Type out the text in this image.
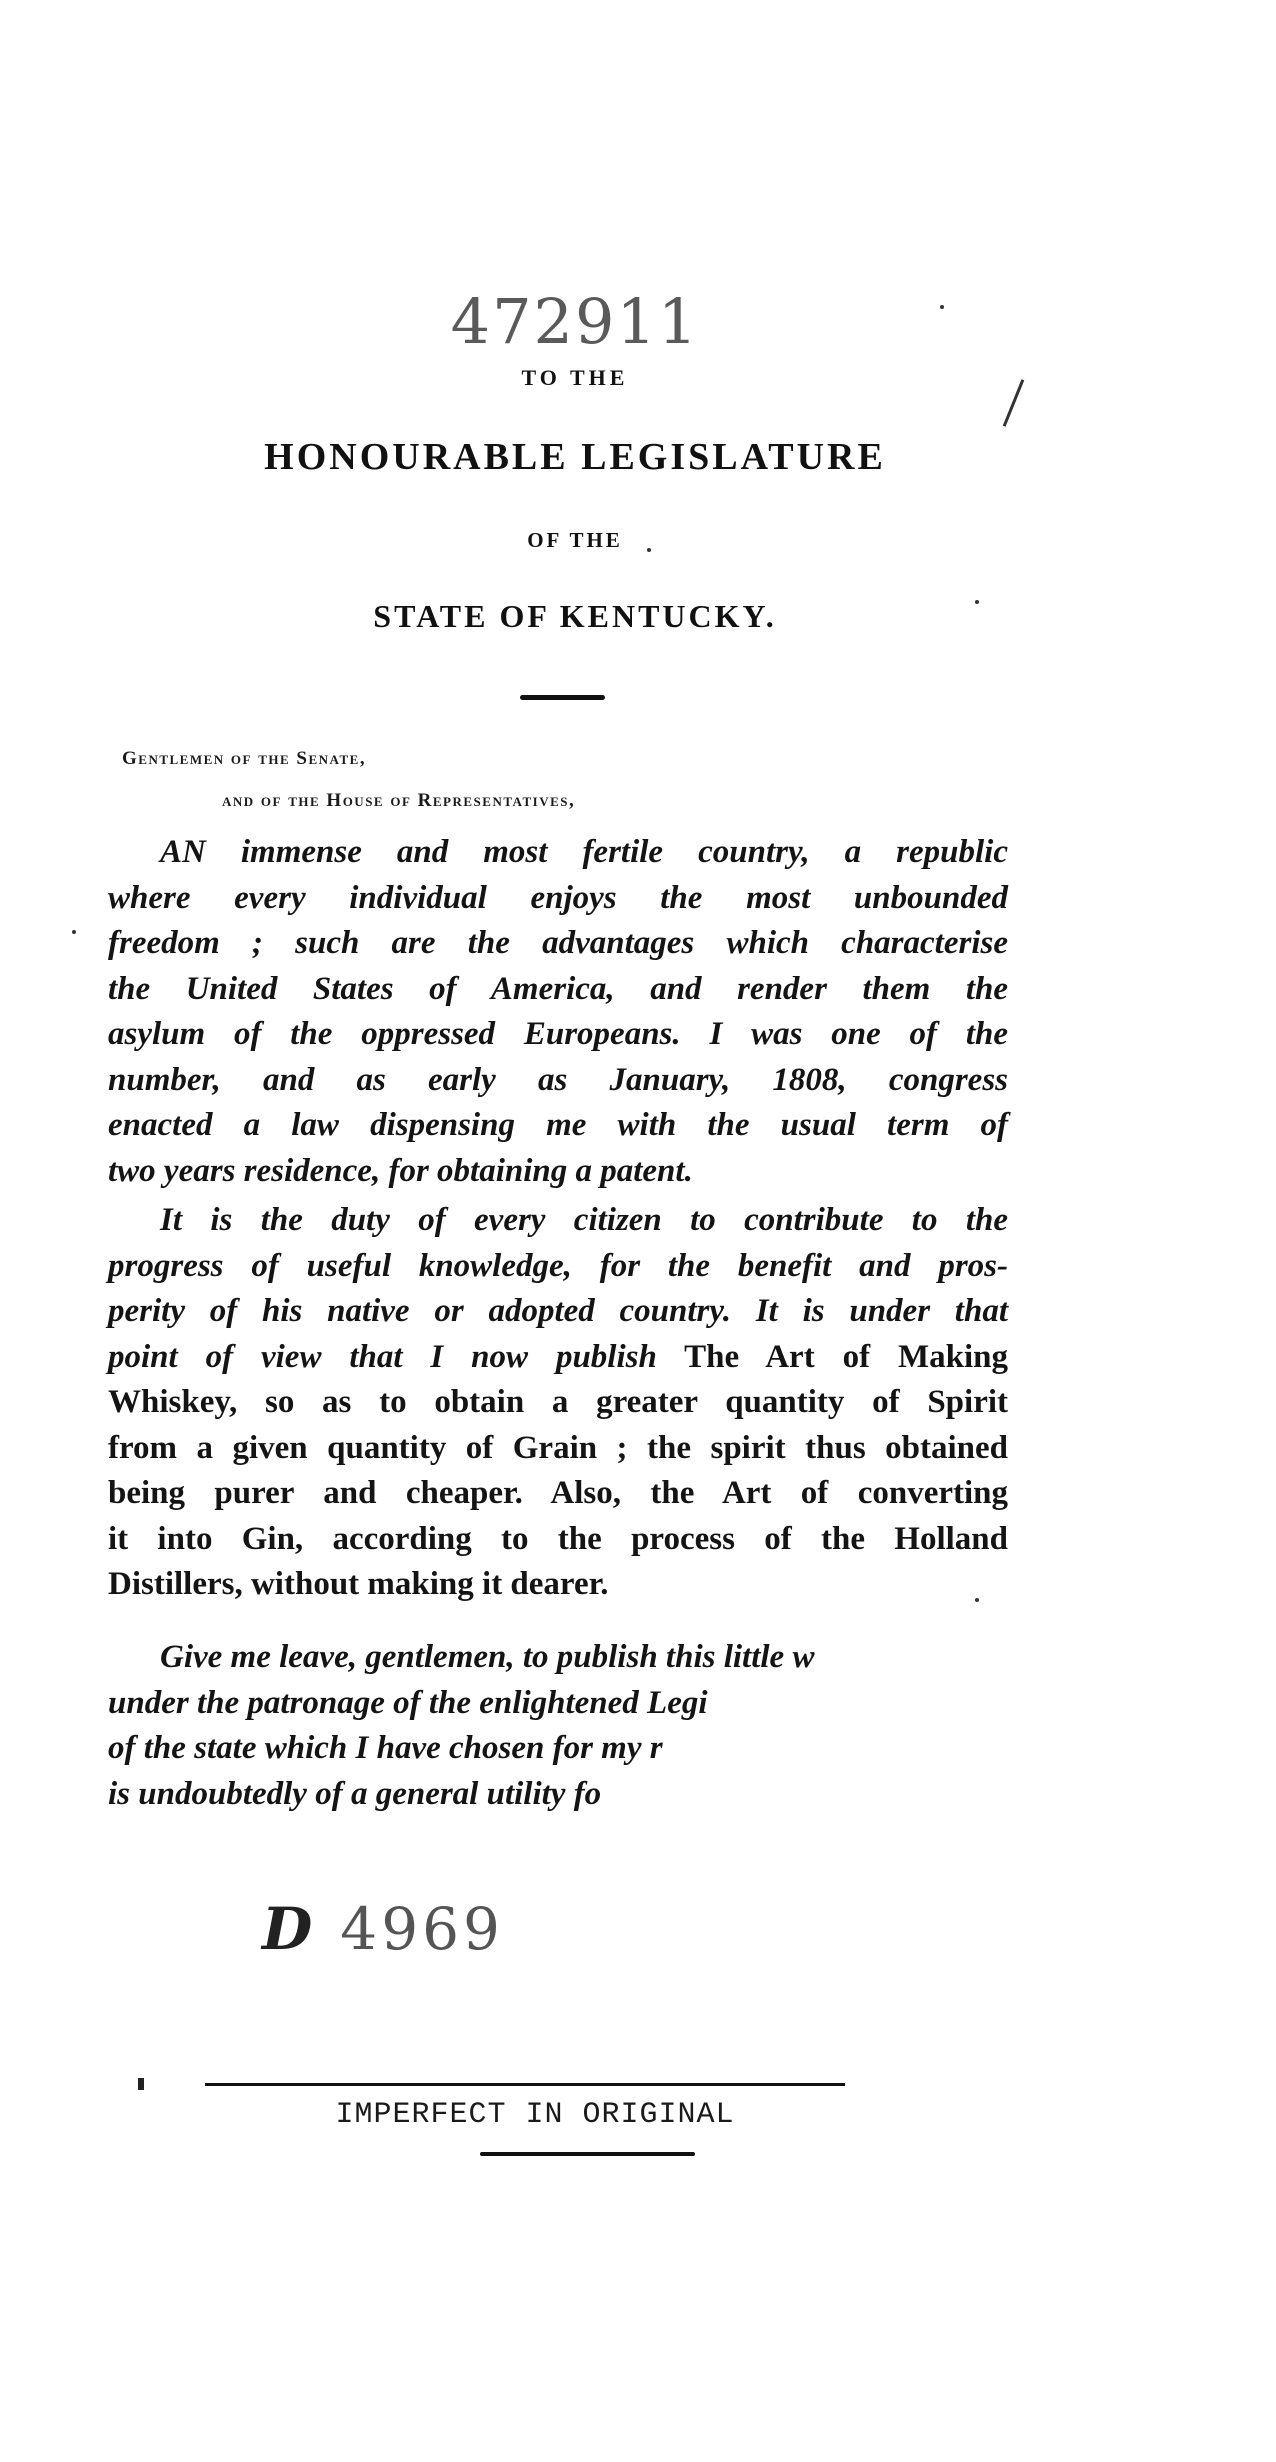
472911
TO THE
HONOURABLE LEGISLATURE
OF THE
STATE OF KENTUCKY.
Gentlemen of the Senate,
and of the House of Representatives,
AN immense and most fertile country, a republic
where every individual enjoys the most unbounded
freedom ; such are the advantages which characterise
the United States of America, and render them the
asylum of the oppressed Europeans. I was one of the
number, and as early as January, 1808, congress
enacted a law dispensing me with the usual term of
two years residence, for obtaining a patent.
It is the duty of every citizen to contribute to the
progress of useful knowledge, for the benefit and pros-
perity of his native or adopted country. It is under that
point of view that I now publish The Art of Making
Whiskey, so as to obtain a greater quantity of Spirit
from a given quantity of Grain ; the spirit thus obtained
being purer and cheaper. Also, the Art of converting
it into Gin, according to the process of the Holland
Distillers, without making it dearer.
Give me leave, gentlemen, to publish this little w
under the patronage of the enlightened Legi
of the state which I have chosen for my r
is undoubtedly of a general utility fo
D 4969
IMPERFECT IN ORIGINAL
